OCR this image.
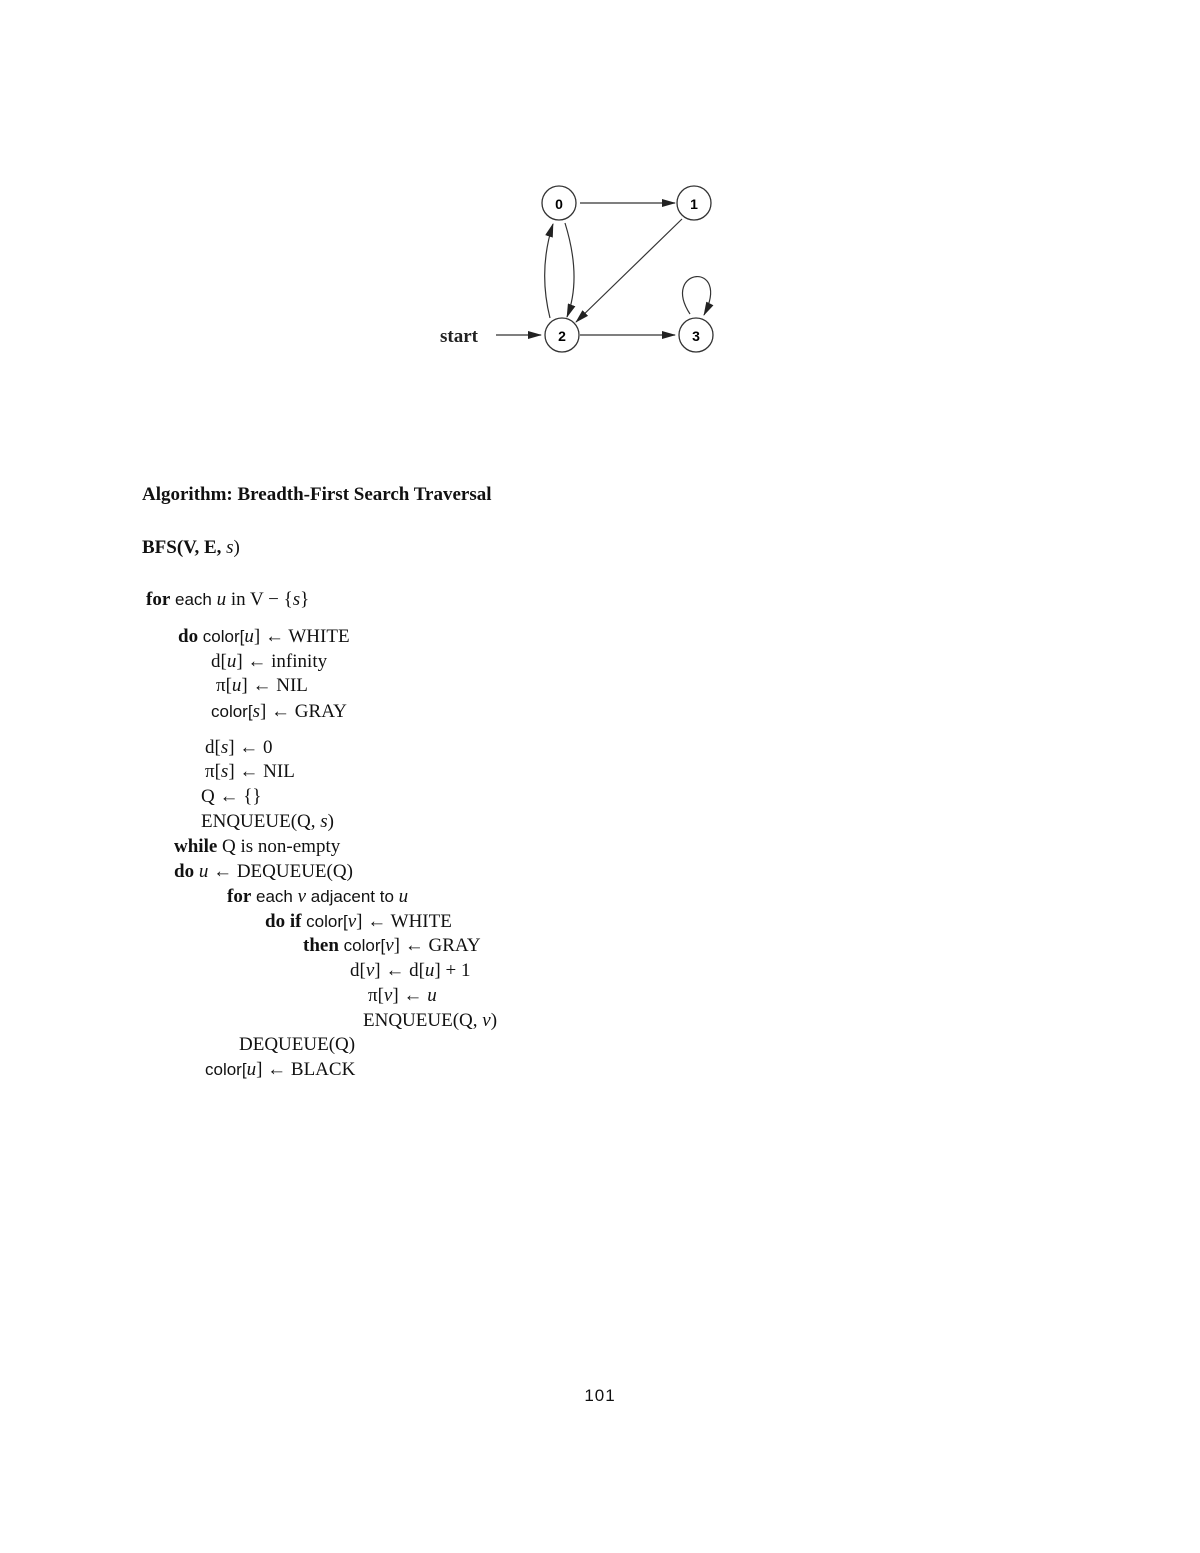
0	1
2	3
start
Algorithm: Breadth-First Search Traversal
BFS(V, E, s)
for each u in V − {s}
do color[u] ← WHITE
d[u] ← infinity
π[u] ← NIL
color[s] ← GRAY
d[s] ← 0
π[s] ← NIL
Q ← {}
ENQUEUE(Q, s)
while Q is non-empty
do u ← DEQUEUE(Q)
for each v adjacent to u
do if color[v] ← WHITE
then color[v] ← GRAY
d[v] ← d[u] + 1
π[v] ← u
ENQUEUE(Q, v)
DEQUEUE(Q)
color[u] ← BLACK
101
